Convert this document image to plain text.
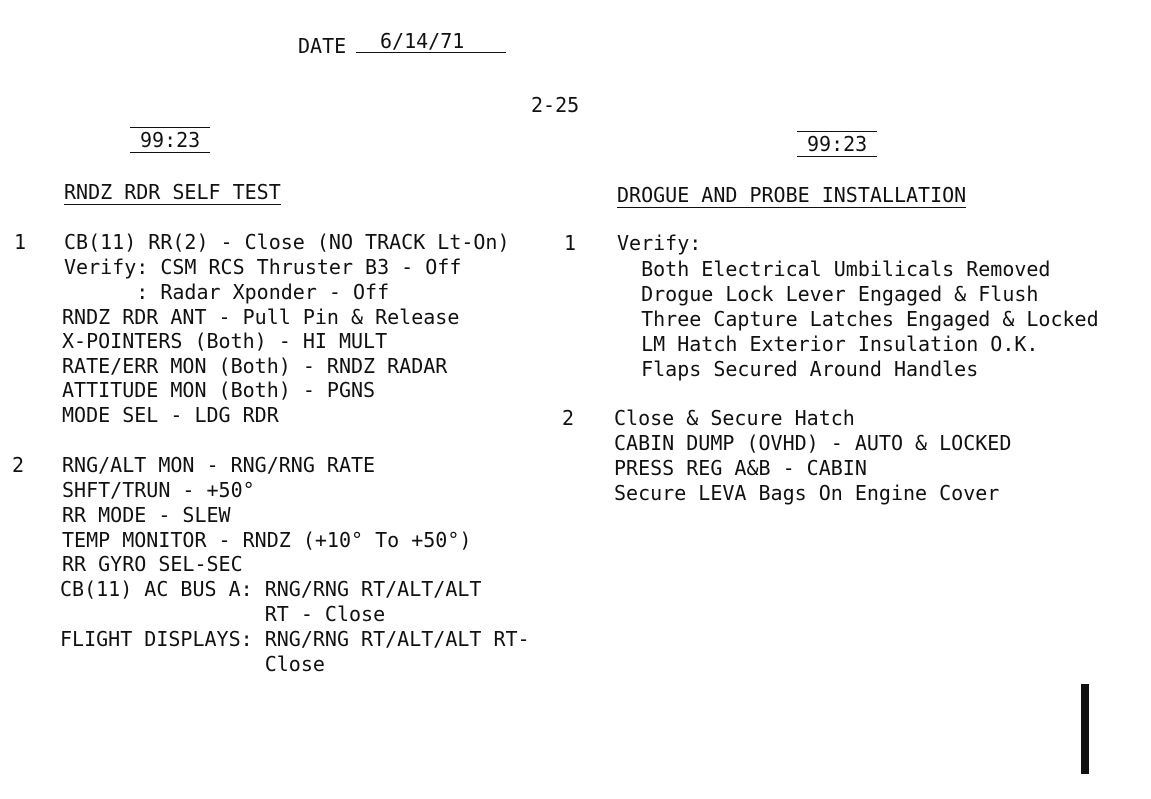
DATE	6/14/71
2-25
99:23	99:23
RNDZ RDR SELF TEST	DROGUE AND PROBE INSTALLATION
1 CB(11) RR(2) - Close (NO TRACK Lt-On)
Verify: CSM RCS Thruster B3 - Off
: Radar Xponder - Off
RNDZ RDR ANT - Pull Pin & Release
X-POINTERS (Both) - HI MULT
RATE/ERR MON (Both) - RNDZ RADAR
ATTITUDE MON (Both) - PGNS
MODE SEL - LDG RDR
2 RNG/ALT MON - RNG/RNG RATE
SHFT/TRUN - +50°
RR MODE - SLEW
TEMP MONITOR - RNDZ (+10° To +50°)
RR GYRO SEL-SEC
CB(11) AC BUS A: RNG/RNG RT/ALT/ALT
RT - Close
FLIGHT DISPLAYS: RNG/RNG RT/ALT/ALT RT-
Close
1 Verify:
Both Electrical Umbilicals Removed
Drogue Lock Lever Engaged & Flush
Three Capture Latches Engaged & Locked
LM Hatch Exterior Insulation O.K.
Flaps Secured Around Handles
2 Close & Secure Hatch
CABIN DUMP (OVHD) - AUTO & LOCKED
PRESS REG A&B - CABIN
Secure LEVA Bags On Engine Cover
